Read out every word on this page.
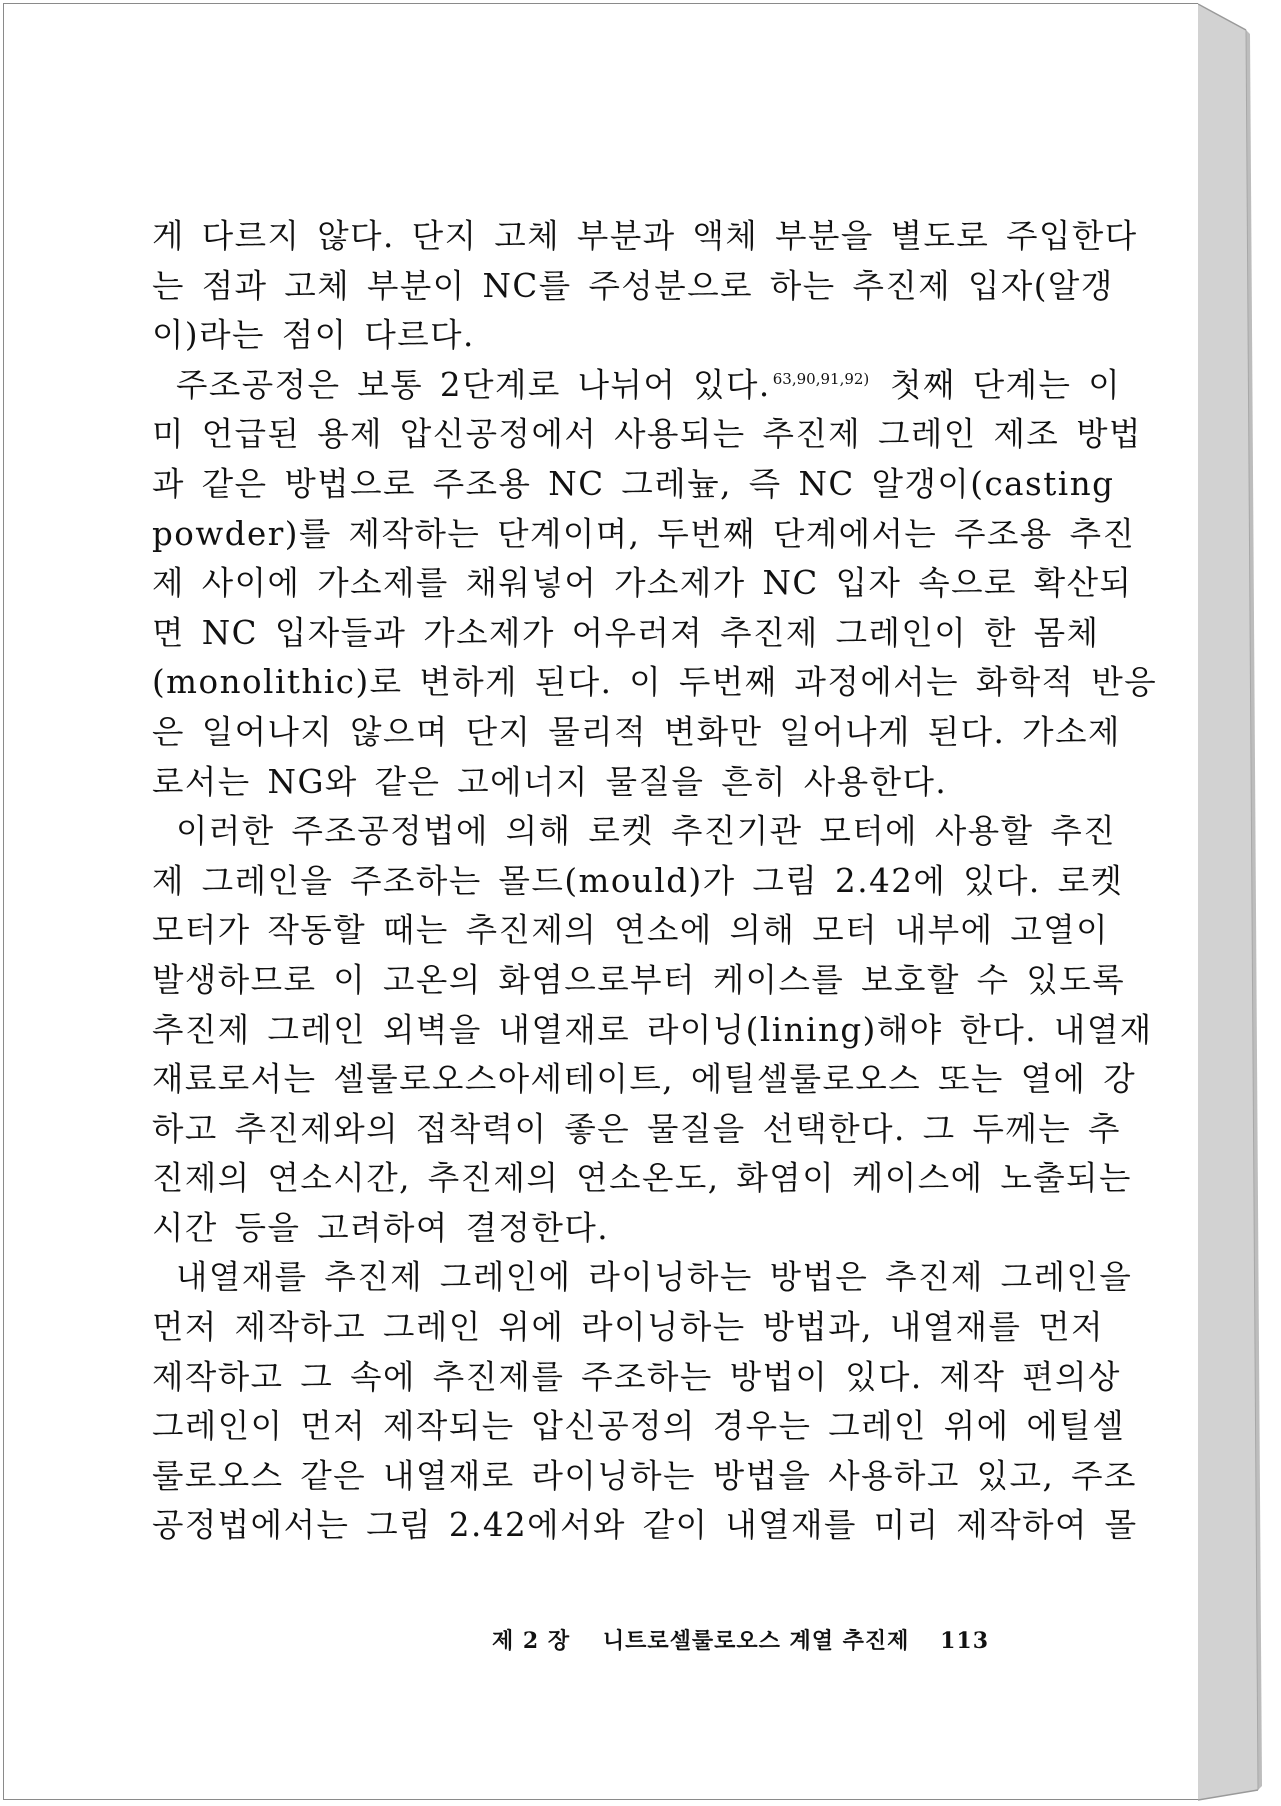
게 다르지 않다. 단지 고체 부분과 액체 부분을 별도로 주입한다
는 점과 고체 부분이 NC를 주성분으로 하는 추진제 입자(알갱
이)라는 점이 다르다.
주조공정은 보통 2단계로 나뉘어 있다. $^{63,90,91,92)}$ 첫째 단계는 이
미 언급된 용제 압신공정에서 사용되는 추진제 그레인 제조 방법
과 같은 방법으로 주조용 NC 그레늎, 즉 NC 알갱이(casting
powder)를 제작하는 단계이며, 두번째 단계에서는 주조용 추진
제 사이에 가소제를 채워넣어 가소제가 NC 입자 속으로 확산되
면 NC 입자들과 가소제가 어우러져 추진제 그레인이 한 몸체
(monolithic)로 변하게 된다. 이 두번째 과정에서는 화학적 반응
은 일어나지 않으며 단지 물리적 변화만 일어나게 된다. 가소제
로서는 NG와 같은 고에너지 물질을 흔히 사용한다.
이러한 주조공정법에 의해 로켓 추진기관 모터에 사용할 추진
제 그레인을 주조하는 몰드(mould)가 그림 2.42에 있다. 로켓
모터가 작동할 때는 추진제의 연소에 의해 모터 내부에 고열이
발생하므로 이 고온의 화염으로부터 케이스를 보호할 수 있도록
추진제 그레인 외벽을 내열재로 라이닝(lining)해야 한다. 내열재
재료로서는 셀룰로오스아세테이트, 에틸셀룰로오스 또는 열에 강
하고 추진제와의 접착력이 좋은 물질을 선택한다. 그 두께는 추
진제의 연소시간, 추진제의 연소온도, 화염이 케이스에 노출되는
시간 등을 고려하여 결정한다.
내열재를 추진제 그레인에 라이닝하는 방법은 추진제 그레인을
먼저 제작하고 그레인 위에 라이닝하는 방법과, 내열재를 먼저
제작하고 그 속에 추진제를 주조하는 방법이 있다. 제작 편의상
그레인이 먼저 제작되는 압신공정의 경우는 그레인 위에 에틸셀
룰로오스 같은 내열재로 라이닝하는 방법을 사용하고 있고, 주조
공정법에서는 그림 2.42에서와 같이 내열재를 미리 제작하여 몰
제 2 장 니트로셀룰로오스 계열 추진제 113
